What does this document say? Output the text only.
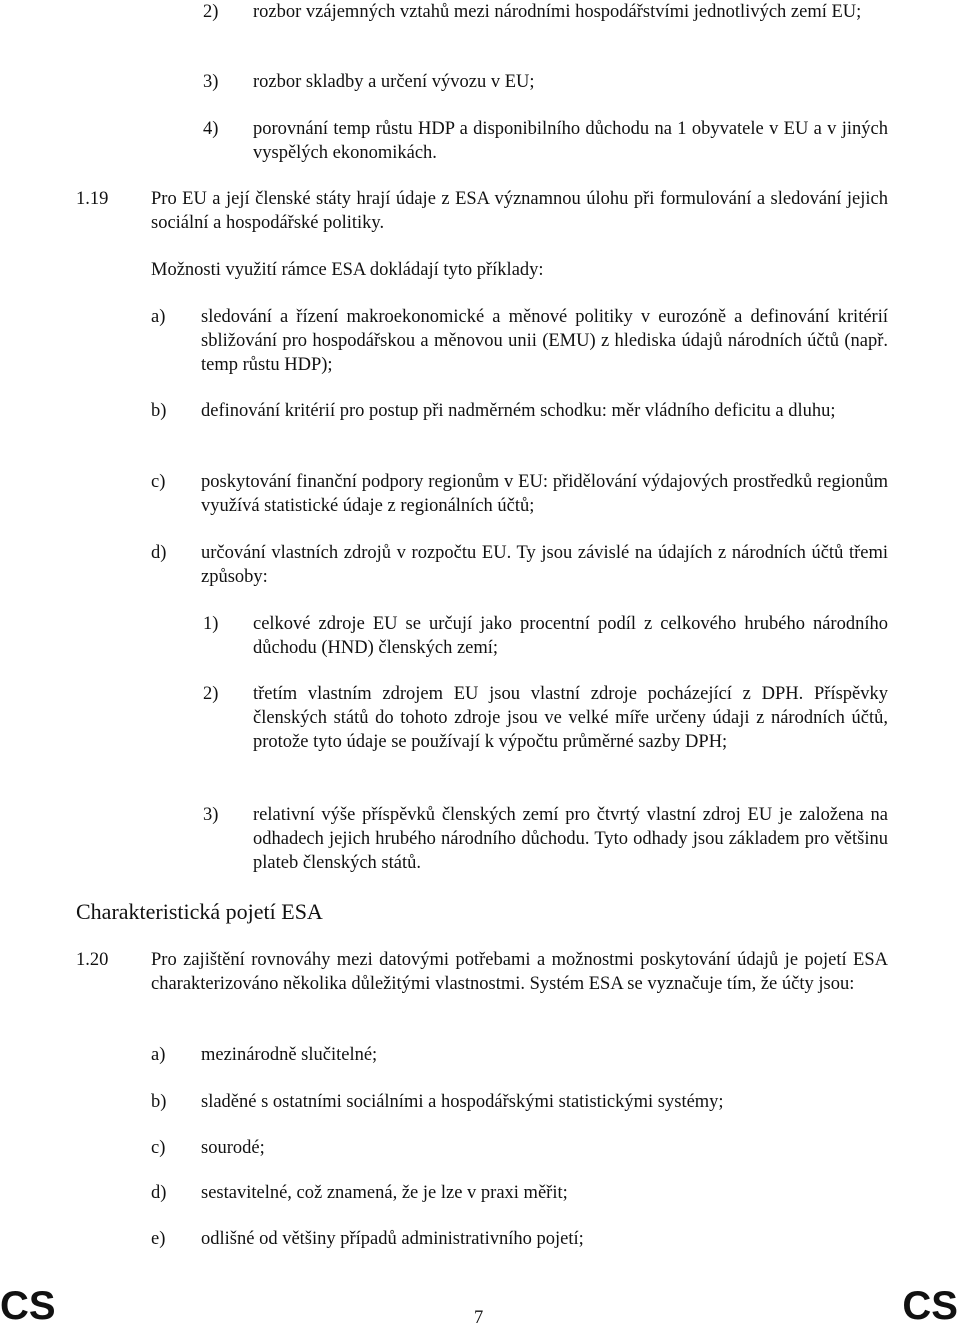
2) rozbor vzájemných vztahů mezi národními hospodářstvími jednotlivých zemí EU;
3) rozbor skladby a určení vývozu v EU;
4) porovnání temp růstu HDP a disponibilního důchodu na 1 obyvatele v EU a v jiných vyspělých ekonomikách.
1.19 Pro EU a její členské státy hrají údaje z ESA významnou úlohu při formulování a sledování jejich sociální a hospodářské politiky.
Možnosti využití rámce ESA dokládají tyto příklady:
a) sledování a řízení makroekonomické a měnové politiky v eurozóně a definování kritérií sbližování pro hospodářskou a měnovou unii (EMU) z hlediska údajů národních účtů (např. temp růstu HDP);
b) definování kritérií pro postup při nadměrném schodku: měr vládního deficitu a dluhu;
c) poskytování finanční podpory regionům v EU: přidělování výdajových prostředků regionům využívá statistické údaje z regionálních účtů;
d) určování vlastních zdrojů v rozpočtu EU. Ty jsou závislé na údajích z národních účtů třemi způsoby:
1) celkové zdroje EU se určují jako procentní podíl z celkového hrubého národního důchodu (HND) členských zemí;
2) třetím vlastním zdrojem EU jsou vlastní zdroje pocházející z DPH. Příspěvky členských států do tohoto zdroje jsou ve velké míře určeny údaji z národních účtů, protože tyto údaje se používají k výpočtu průměrné sazby DPH;
3) relativní výše příspěvků členských zemí pro čtvrtý vlastní zdroj EU je založena na odhadech jejich hrubého národního důchodu. Tyto odhady jsou základem pro většinu plateb členských států.
Charakteristická pojetí ESA
1.20 Pro zajištění rovnováhy mezi datovými potřebami a možnostmi poskytování údajů je pojetí ESA charakterizováno několika důležitými vlastnostmi. Systém ESA se vyznačuje tím, že účty jsou:
a) mezinárodně slučitelné;
b) sladěné s ostatními sociálními a hospodářskými statistickými systémy;
c) sourodé;
d) sestavitelné, což znamená, že je lze v praxi měřit;
e) odlišné od většiny případů administrativního pojetí;
CS	7	CS
